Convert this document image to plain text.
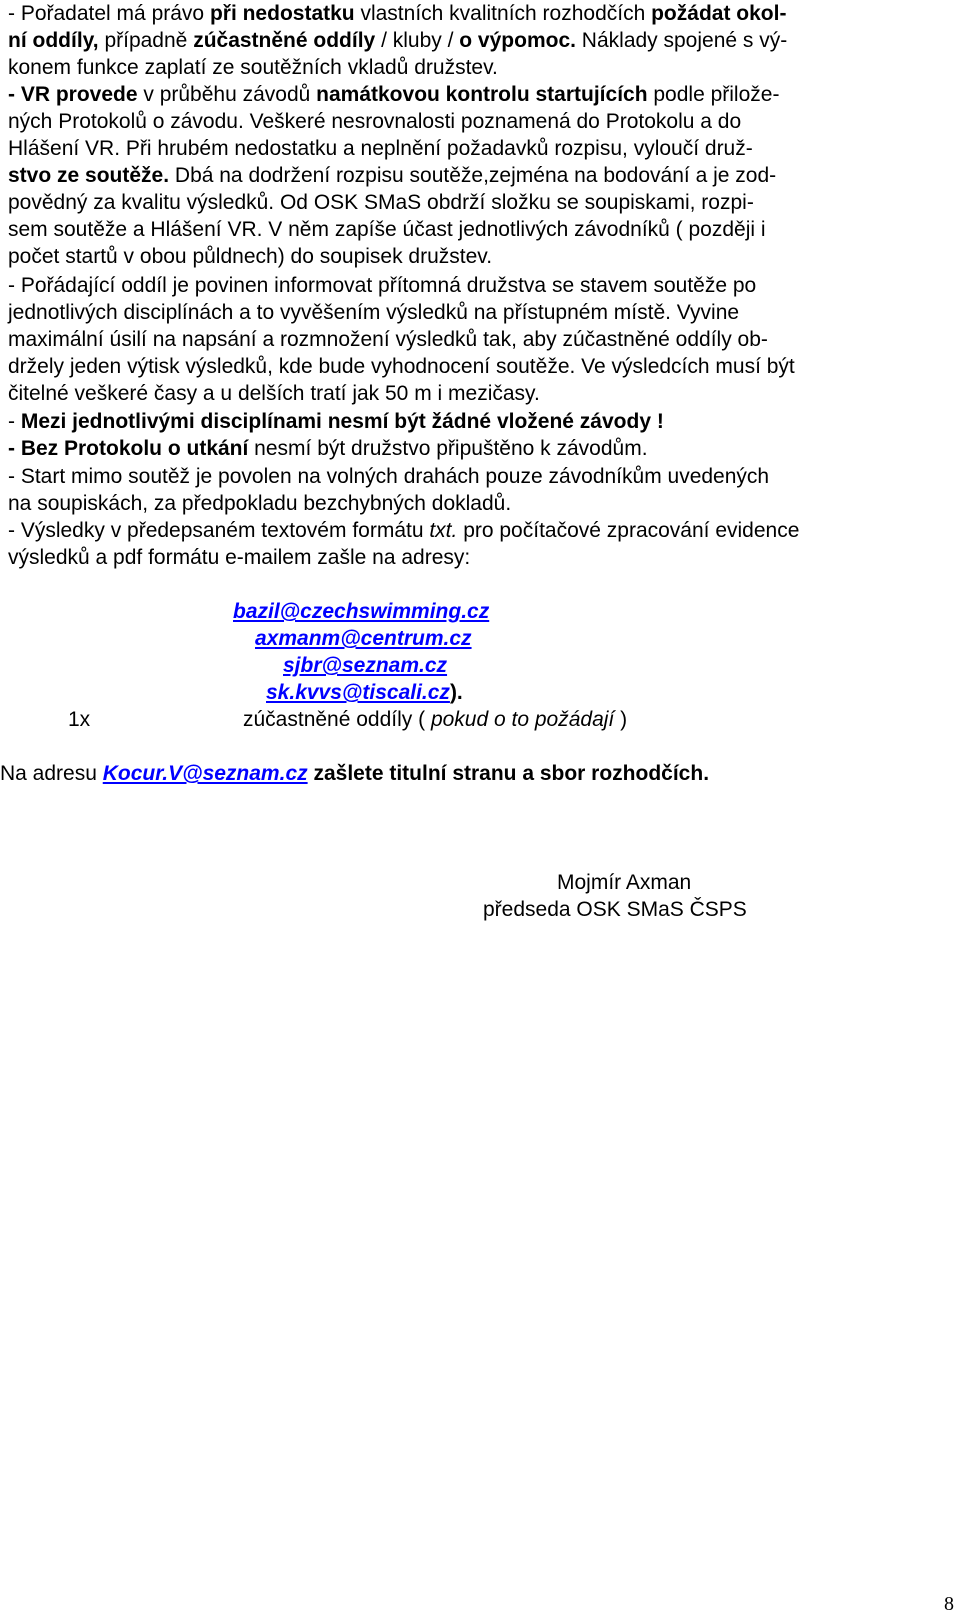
- Pořadatel má právo při nedostatku vlastních kvalitních rozhodčích požádat okol-
ní oddíly, případně zúčastněné oddíly / kluby / o výpomoc. Náklady spojené s vý-
konem funkce zaplatí ze soutěžních vkladů družstev.
- VR provede v průběhu závodů namátkovou kontrolu startujících podle přilože-
ných Protokolů o závodu. Veškeré nesrovnalosti poznamená do Protokolu a do
Hlášení VR. Při hrubém nedostatku a neplnění požadavků rozpisu, vyloučí druž-
stvo ze soutěže. Dbá na dodržení rozpisu soutěže,zejména na bodování a je zod-
povědný za kvalitu výsledků. Od OSK SMaS obdrží složku se soupiskami, rozpi-
sem soutěže a Hlášení VR. V něm zapíše účast jednotlivých závodníků ( později i
počet startů v obou půldnech) do soupisek družstev.
- Pořádající oddíl je povinen informovat přítomná družstva se stavem soutěže po
jednotlivých disciplínách a to vyvěšením výsledků na přístupném místě. Vyvine
maximální úsilí na napsání a rozmnožení výsledků tak, aby zúčastněné oddíly ob-
držely jeden výtisk výsledků, kde bude vyhodnocení soutěže. Ve výsledcích musí být
čitelné veškeré časy a u delších tratí jak 50 m i mezičasy.
- Mezi jednotlivými disciplínami nesmí být žádné vložené závody !
- Bez Protokolu o utkání nesmí být družstvo připuštěno k závodům.
- Start mimo soutěž je povolen na volných drahách pouze závodníkům uvedených
na soupiskách, za předpokladu bezchybných dokladů.
- Výsledky v předepsaném textovém formátu txt. pro počítačové zpracování evidence
výsledků a pdf formátu e-mailem zašle na adresy:
bazil@czechswimming.cz
axmanm@centrum.cz
sjbr@seznam.cz
sk.kvvs@tiscali.cz).
1x	zúčastněné oddíly ( pokud o to požádají )
Na adresu Kocur.V@seznam.cz zašlete titulní stranu a sbor rozhodčích.
Mojmír Axman
předseda OSK SMaS ČSPS
8
